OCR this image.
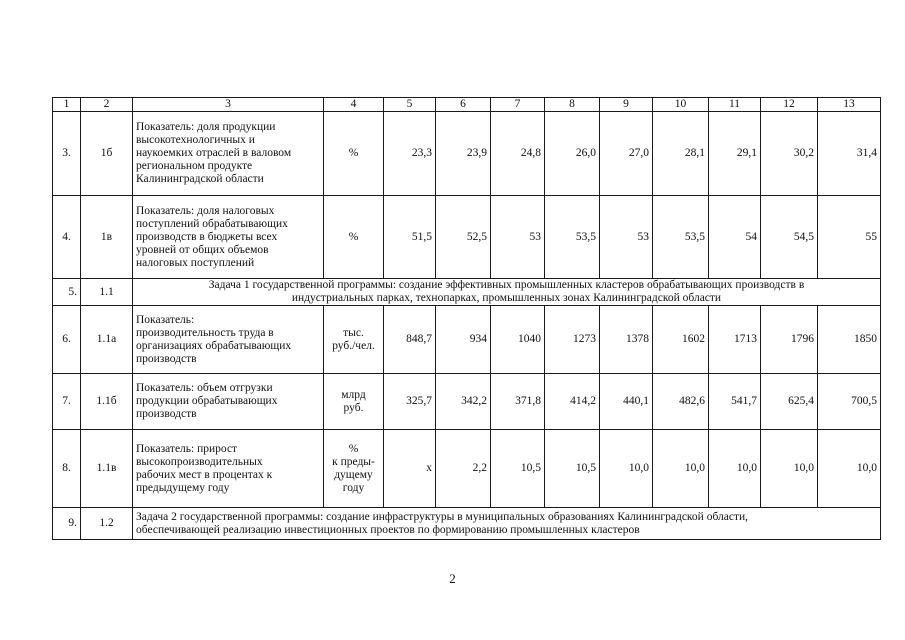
1	2	3	4	5	6	7	8	9	10	11	12	13
3.	1б	Показатель: доля продукции
высокотехнологичных и
наукоемких отраслей в валовом
региональном продукте
Калининградской области	%	23,3	23,9	24,8	26,0	27,0	28,1	29,1	30,2	31,4
4.	1в	Показатель: доля налоговых
поступлений обрабатывающих
производств в бюджеты всех
уровней от общих объемов
налоговых поступлений	%	51,5	52,5	53	53,5	53	53,5	54	54,5	55
5.	1.1	Задача 1 государственной программы: создание эффективных промышленных кластеров обрабатывающих производств в
индустриальных парках, технопарках, промышленных зонах Калининградской области										
6.	1.1а	Показатель:
производительность труда в
организациях обрабатывающих
производств	тыс.
руб./чел.	848,7	934	1040	1273	1378	1602	1713	1796	1850
7.	1.1б	Показатель: объем отгрузки
продукции обрабатывающих
производств	млрд
руб.	325,7	342,2	371,8	414,2	440,1	482,6	541,7	625,4	700,5
8.	1.1в	Показатель: прирост
высокопроизводительных
рабочих мест в процентах к
предыдущему году	%
к преды-
дущему
году	x	2,2	10,5	10,5	10,0	10,0	10,0	10,0	10,0
9.	1.2	Задача 2 государственной программы: создание инфраструктуры в муниципальных образованиях Калининградской области,
обеспечивающей реализацию инвестиционных проектов по формированию промышленных кластеров										
2
